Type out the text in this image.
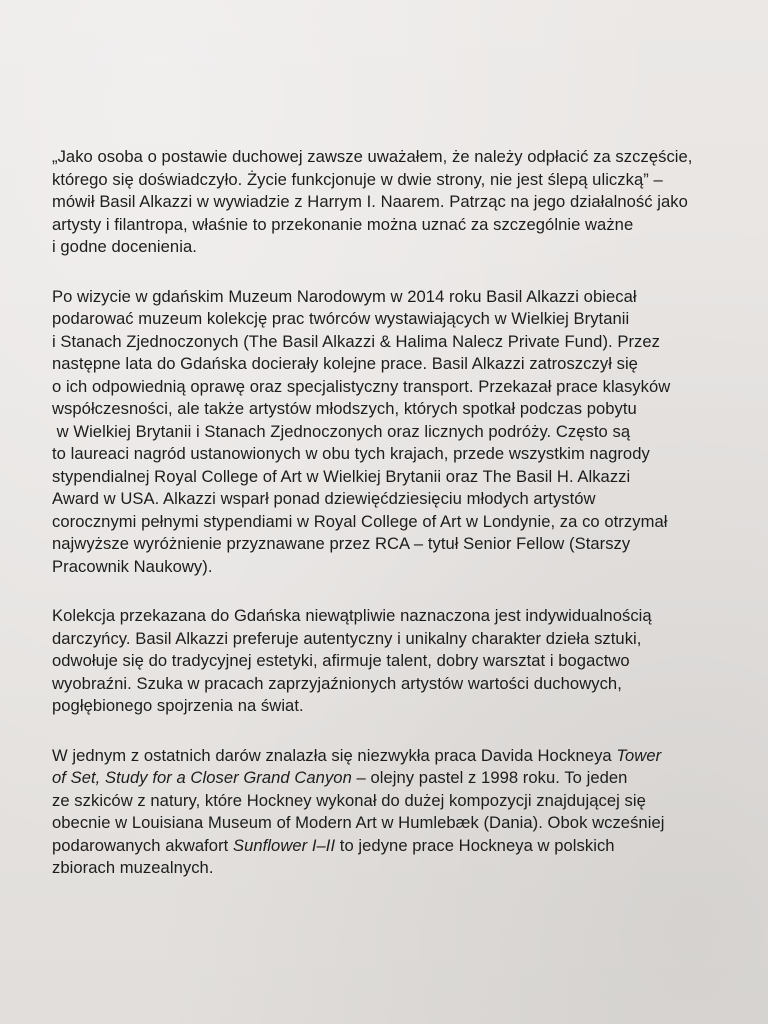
„Jako osoba o postawie duchowej zawsze uważałem, że należy odpłacić za szczęście,
którego się doświadczyło. Życie funkcjonuje w dwie strony, nie jest ślepą uliczką” –
mówił Basil Alkazzi w wywiadzie z Harrym I. Naarem. Patrząc na jego działalność jako
artysty i filantropa, właśnie to przekonanie można uznać za szczególnie ważne
i godne docenienia.
Po wizycie w gdańskim Muzeum Narodowym w 2014 roku Basil Alkazzi obiecał
podarować muzeum kolekcję prac twórców wystawiających w Wielkiej Brytanii
i Stanach Zjednoczonych (The Basil Alkazzi & Halima Nalecz Private Fund). Przez
następne lata do Gdańska docierały kolejne prace. Basil Alkazzi zatroszczył się
o ich odpowiednią oprawę oraz specjalistyczny transport. Przekazał prace klasyków
współczesności, ale także artystów młodszych, których spotkał podczas pobytu
w Wielkiej Brytanii i Stanach Zjednoczonych oraz licznych podróży. Często są
to laureaci nagród ustanowionych w obu tych krajach, przede wszystkim nagrody
stypendialnej Royal College of Art w Wielkiej Brytanii oraz The Basil H. Alkazzi
Award w USA. Alkazzi wsparł ponad dziewięćdziesięciu młodych artystów
corocznymi pełnymi stypendiami w Royal College of Art w Londynie, za co otrzymał
najwyższe wyróżnienie przyznawane przez RCA – tytuł Senior Fellow (Starszy
Pracownik Naukowy).
Kolekcja przekazana do Gdańska niewątpliwie naznaczona jest indywidualnością
darczyńcy. Basil Alkazzi preferuje autentyczny i unikalny charakter dzieła sztuki,
odwołuje się do tradycyjnej estetyki, afirmuje talent, dobry warsztat i bogactwo
wyobraźni. Szuka w pracach zaprzyjaźnionych artystów wartości duchowych,
pogłębionego spojrzenia na świat.
W jednym z ostatnich darów znalazła się niezwykła praca Davida Hockneya Tower
of Set, Study for a Closer Grand Canyon – olejny pastel z 1998 roku. To jeden
ze szkiców z natury, które Hockney wykonał do dużej kompozycji znajdującej się
obecnie w Louisiana Museum of Modern Art w Humlebæk (Dania). Obok wcześniej
podarowanych akwafort Sunflower I–II to jedyne prace Hockneya w polskich
zbiorach muzealnych.
